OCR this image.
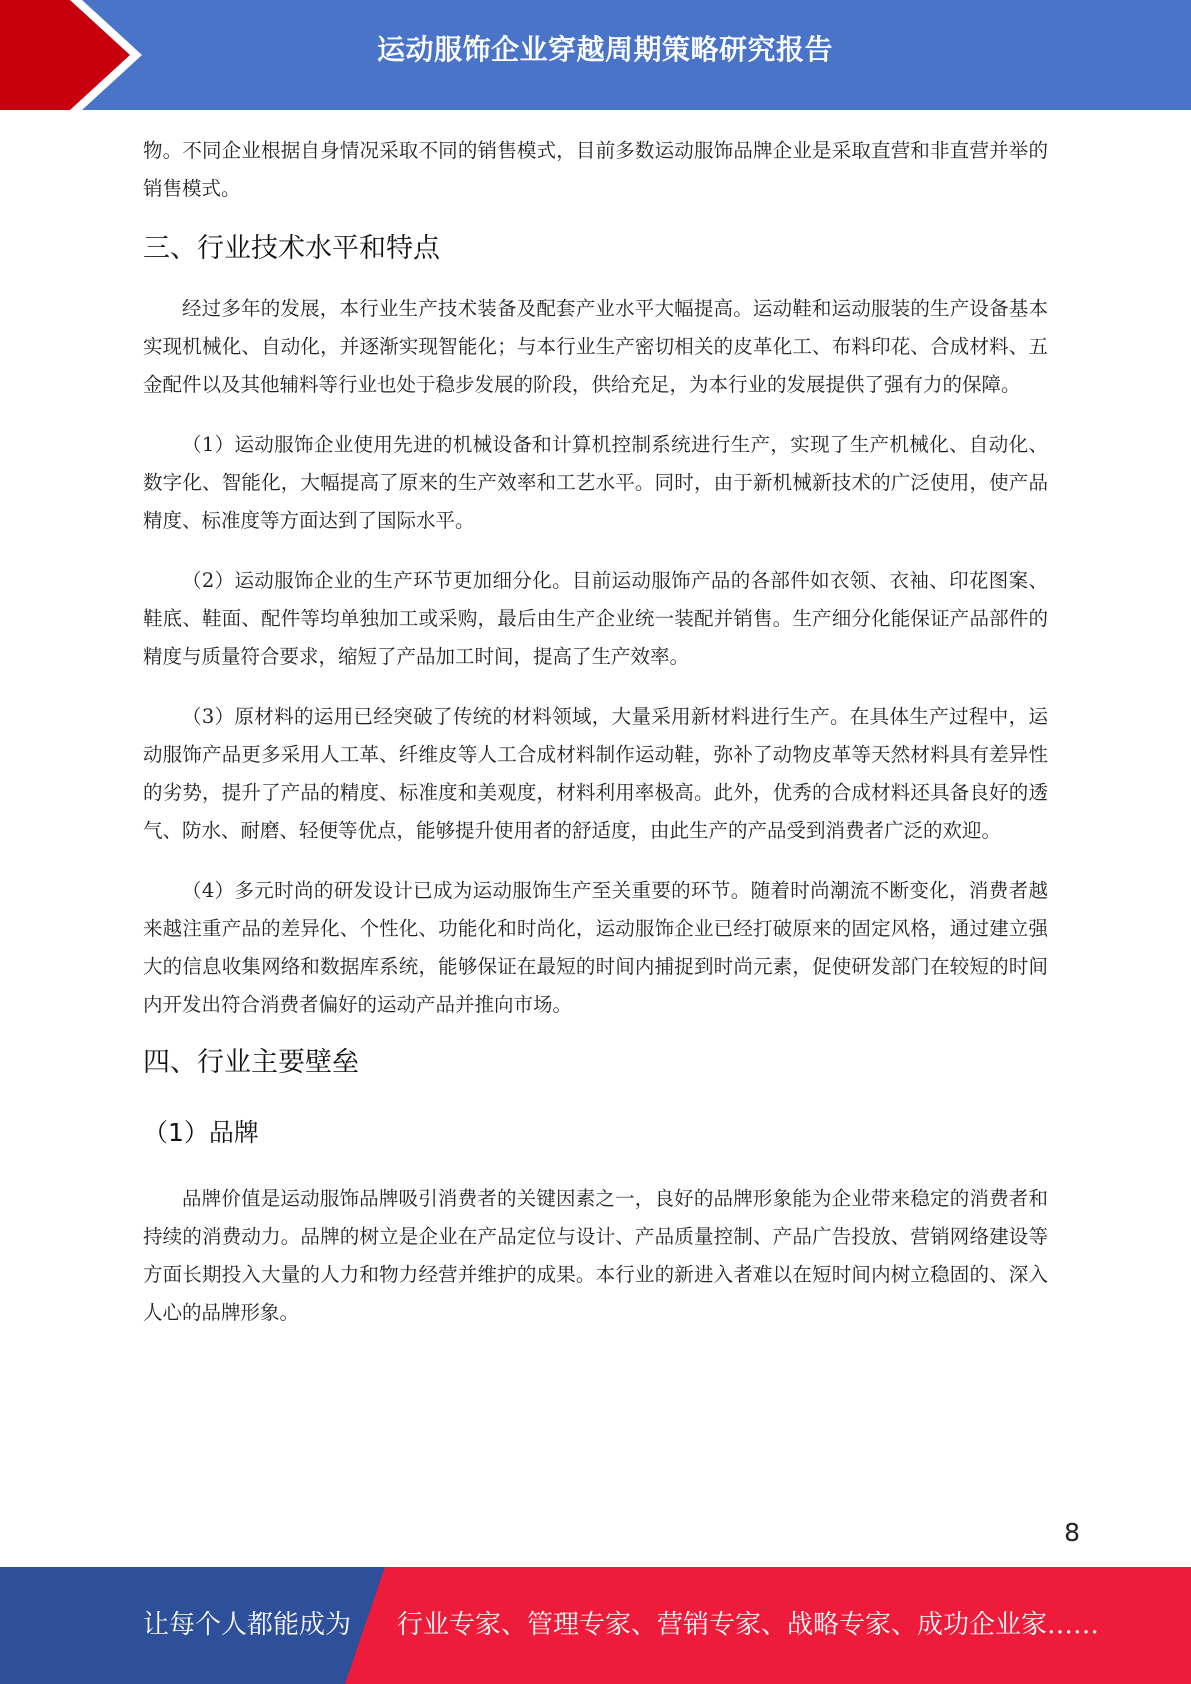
运动服饰企业穿越周期策略研究报告

物。不同企业根据自身情况采取不同的销售模式，目前多数运动服饰品牌企业是采取直营和非直营并举的销售模式。

三、行业技术水平和特点

经过多年的发展，本行业生产技术装备及配套产业水平大幅提高。运动鞋和运动服装的生产设备基本实现机械化、自动化，并逐渐实现智能化；与本行业生产密切相关的皮革化工、布料印花、合成材料、五金配件以及其他辅料等行业也处于稳步发展的阶段，供给充足，为本行业的发展提供了强有力的保障。

（1）运动服饰企业使用先进的机械设备和计算机控制系统进行生产，实现了生产机械化、自动化、数字化、智能化，大幅提高了原来的生产效率和工艺水平。同时，由于新机械新技术的广泛使用，使产品精度、标准度等方面达到了国际水平。

（2）运动服饰企业的生产环节更加细分化。目前运动服饰产品的各部件如衣领、衣袖、印花图案、鞋底、鞋面、配件等均单独加工或采购，最后由生产企业统一装配并销售。生产细分化能保证产品部件的精度与质量符合要求，缩短了产品加工时间，提高了生产效率。

（3）原材料的运用已经突破了传统的材料领域，大量采用新材料进行生产。在具体生产过程中，运动服饰产品更多采用人工革、纤维皮等人工合成材料制作运动鞋，弥补了动物皮革等天然材料具有差异性的劣势，提升了产品的精度、标准度和美观度，材料利用率极高。此外，优秀的合成材料还具备良好的透气、防水、耐磨、轻便等优点，能够提升使用者的舒适度，由此生产的产品受到消费者广泛的欢迎。

（4）多元时尚的研发设计已成为运动服饰生产至关重要的环节。随着时尚潮流不断变化，消费者越来越注重产品的差异化、个性化、功能化和时尚化，运动服饰企业已经打破原来的固定风格，通过建立强大的信息收集网络和数据库系统，能够保证在最短的时间内捕捉到时尚元素，促使研发部门在较短的时间内开发出符合消费者偏好的运动产品并推向市场。

四、行业主要壁垒
（1）品牌

品牌价值是运动服饰品牌吸引消费者的关键因素之一，良好的品牌形象能为企业带来稳定的消费者和持续的消费动力。品牌的树立是企业在产品定位与设计、产品质量控制、产品广告投放、营销网络建设等方面长期投入大量的人力和物力经营并维护的成果。本行业的新进入者难以在短时间内树立稳固的、深入人心的品牌形象。

8
让每个人都能成为 行业专家、管理专家、营销专家、战略专家、成功企业家……
